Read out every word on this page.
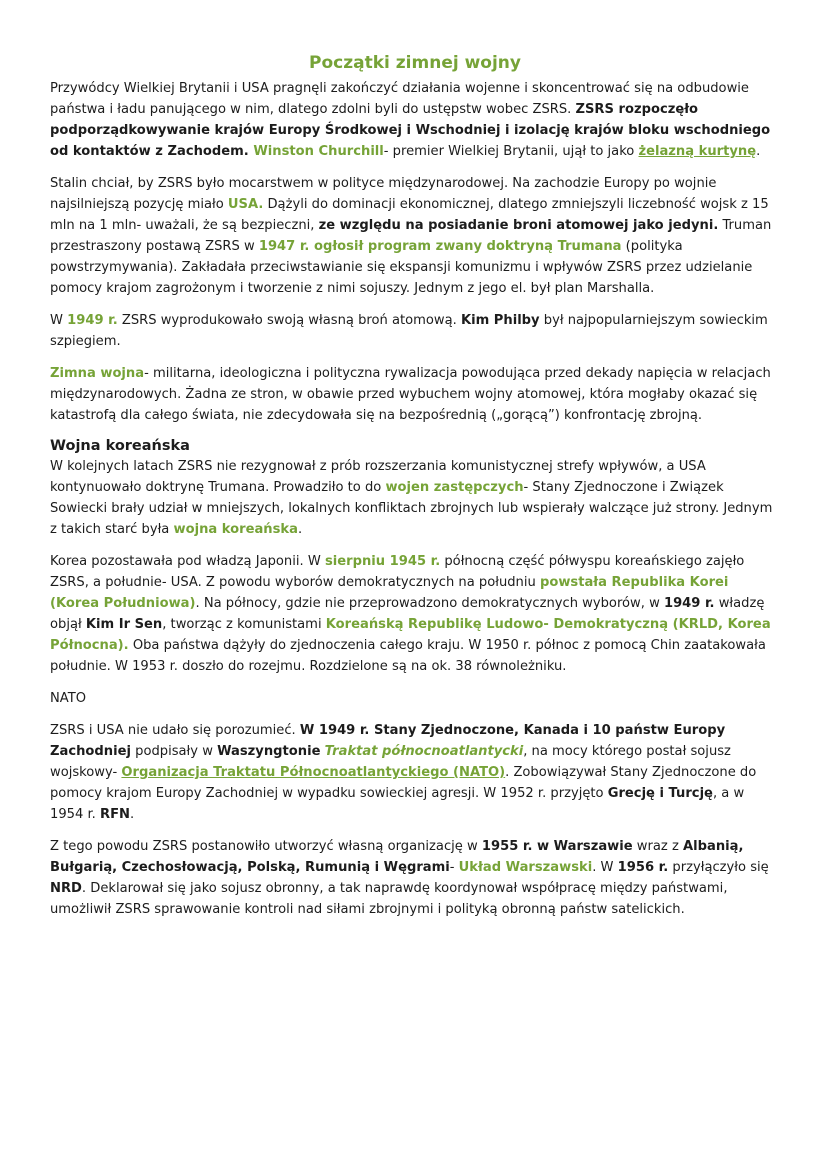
Początki zimnej wojny

Przywódcy Wielkiej Brytanii i USA pragnęli zakończyć działania wojenne i skoncentrować się na odbudowie państwa i ładu panującego w nim, dlatego zdolni byli do ustępstw wobec ZSRS. ZSRS rozpoczęło podporządkowywanie krajów Europy Środkowej i Wschodniej i izolację krajów bloku wschodniego od kontaktów z Zachodem. Winston Churchill- premier Wielkiej Brytanii, ujął to jako żelazną kurtynę.

Stalin chciał, by ZSRS było mocarstwem w polityce międzynarodowej. Na zachodzie Europy po wojnie najsilniejszą pozycję miało USA. Dążyli do dominacji ekonomicznej, dlatego zmniejszyli liczebność wojsk z 15 mln na 1 mln- uważali, że są bezpieczni, ze względu na posiadanie broni atomowej jako jedyni. Truman przestraszony postawą ZSRS w 1947 r. ogłosił program zwany doktryną Trumana (polityka powstrzymywania). Zakładała przeciwstawianie się ekspansji komunizmu i wpływów ZSRS przez udzielanie pomocy krajom zagrożonym i tworzenie z nimi sojuszy. Jednym z jego el. był plan Marshalla.

W 1949 r. ZSRS wyprodukowało swoją własną broń atomową. Kim Philby był najpopularniejszym sowieckim szpiegiem.

Zimna wojna- militarna, ideologiczna i polityczna rywalizacja powodująca przed dekady napięcia w relacjach międzynarodowych. Żadna ze stron, w obawie przed wybuchem wojny atomowej, która mogłaby okazać się katastrofą dla całego świata, nie zdecydowała się na bezpośrednią („gorącą”) konfrontację zbrojną.

Wojna koreańska

W kolejnych latach ZSRS nie rezygnował z prób rozszerzania komunistycznej strefy wpływów, a USA kontynuowało doktrynę Trumana. Prowadziło to do wojen zastępczych- Stany Zjednoczone i Związek Sowiecki brały udział w mniejszych, lokalnych konfliktach zbrojnych lub wspierały walczące już strony. Jednym z takich starć była wojna koreańska.

Korea pozostawała pod władzą Japonii. W sierpniu 1945 r. północną część półwyspu koreańskiego zajęło ZSRS, a południe- USA. Z powodu wyborów demokratycznych na południu powstała Republika Korei (Korea Południowa). Na północy, gdzie nie przeprowadzono demokratycznych wyborów, w 1949 r. władzę objął Kim Ir Sen, tworząc z komunistami Koreańską Republikę Ludowo- Demokratyczną (KRLD, Korea Północna). Oba państwa dążyły do zjednoczenia całego kraju. W 1950 r. północ z pomocą Chin zaatakowała południe. W 1953 r. doszło do rozejmu. Rozdzielone są na ok. 38 równoleżniku.

NATO

ZSRS i USA nie udało się porozumieć. W 1949 r. Stany Zjednoczone, Kanada i 10 państw Europy Zachodniej podpisały w Waszyngtonie Traktat północnoatlantycki, na mocy którego postał sojusz wojskowy- Organizacja Traktatu Północnoatlantyckiego (NATO). Zobowiązywał Stany Zjednoczone do pomocy krajom Europy Zachodniej w wypadku sowieckiej agresji. W 1952 r. przyjęto Grecję i Turcję, a w 1954 r. RFN.

Z tego powodu ZSRS postanowiło utworzyć własną organizację w 1955 r. w Warszawie wraz z Albanią, Bułgarią, Czechosłowacją, Polską, Rumunią i Węgrami- Układ Warszawski. W 1956 r. przyłączyło się NRD. Deklarował się jako sojusz obronny, a tak naprawdę koordynował współpracę między państwami, umożliwił ZSRS sprawowanie kontroli nad siłami zbrojnymi i polityką obronną państw satelickich.
